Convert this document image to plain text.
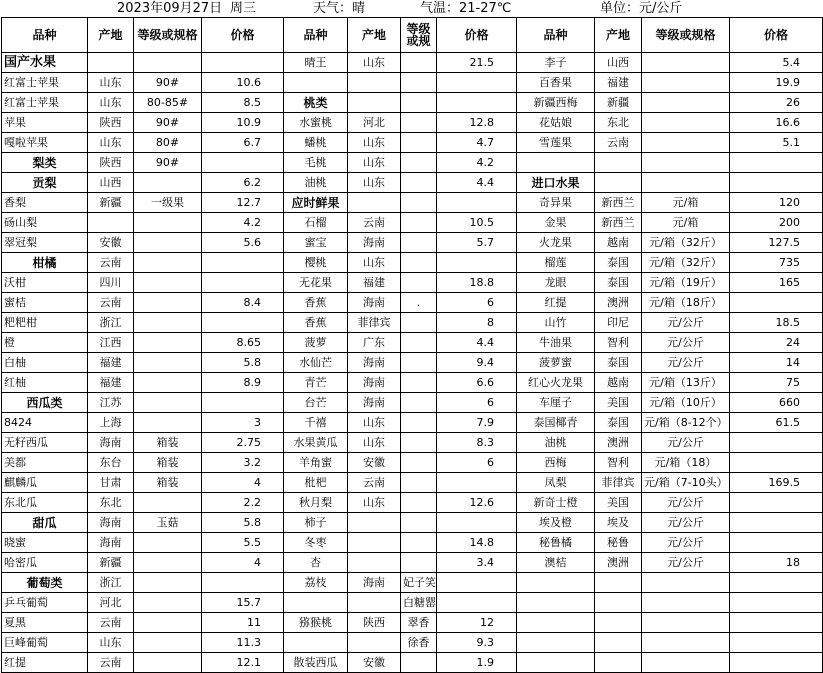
2023年09月27日 周三	天气：晴	气温：21-27℃	单位：元/公斤
品种	产地	等级或规格	价格	品种	产地	等级或规	价格	品种	产地	等级或规格	价格
国产水果				晴王	山东		21.5	李子	山西		5.4
红富士苹果	山东	90#	10.6					百香果	福建		19.9
红富士苹果	山东	80-85#	8.5	桃类				新疆西梅	新疆		26
苹果	陕西	90#	10.9	水蜜桃	河北		12.8	花姑娘	东北		16.6
嘎啦苹果	山东	80#	6.7	蟠桃	山东		4.7	雪莲果	云南		5.1
梨类	陕西	90#		毛桃	山东		4.2				
贡梨	山西		6.2	油桃	山东		4.4	进口水果			
香梨	新疆	一级果	12.7	应时鲜果				奇异果	新西兰	元/箱	120
砀山梨			4.2	石榴	云南		10.5	金果	新西兰	元/箱	200
翠冠梨	安徽		5.6	蜜宝	海南		5.7	火龙果	越南	元/箱（32斤）	127.5
柑橘	云南			樱桃	山东			榴莲	泰国	元/箱（32斤）	735
沃柑	四川			无花果	福建		18.8	龙眼	泰国	元/箱（19斤）	165
蜜桔	云南		8.4	香蕉	海南	.	6	红提	澳洲	元/箱（18斤）	
粑粑柑	浙江			香蕉	菲律宾		8	山竹	印尼	元/公斤	18.5
橙	江西		8.65	菠萝	广东		4.4	牛油果	智利	元/公斤	24
白柚	福建		5.8	水仙芒	海南		9.4	菠萝蜜	泰国	元/公斤	14
红柚	福建		8.9	青芒	海南		6.6	红心火龙果	越南	元/箱（13斤）	75
西瓜类	江苏			台芒	海南		6	车厘子	美国	元/箱（10斤）	660
8424	上海		3	千禧	山东		7.9	泰国椰青	泰国	元/箱（8-12个）	61.5
无籽西瓜	海南	箱装	2.75	水果黄瓜	山东		8.3	油桃	澳洲	元/公斤	
美都	东台	箱装	3.2	羊角蜜	安徽		6	西梅	智利	元/箱（18）	
麒麟瓜	甘肃	箱装	4	枇杷	云南			凤梨	菲律宾	元/箱（7-10头）	169.5
东北瓜	东北		2.2	秋月梨	山东		12.6	新奇士橙	美国	元/公斤	
甜瓜	海南	玉菇	5.8	柿子				埃及橙	埃及	元/公斤	
晓蜜	海南		5.5	冬枣			14.8	秘鲁橘	秘鲁	元/公斤	
哈密瓜	新疆		4	杏			3.4	澳桔	澳洲	元/公斤	18
葡萄类	浙江			荔枝	海南	妃子笑					
乒乓葡萄	河北		15.7			白糖罂					
夏黑	云南		11	猕猴桃	陕西	翠香	12				
巨峰葡萄	山东		11.3			徐香	9.3				
红提	云南		12.1	散装西瓜	安徽		1.9				
